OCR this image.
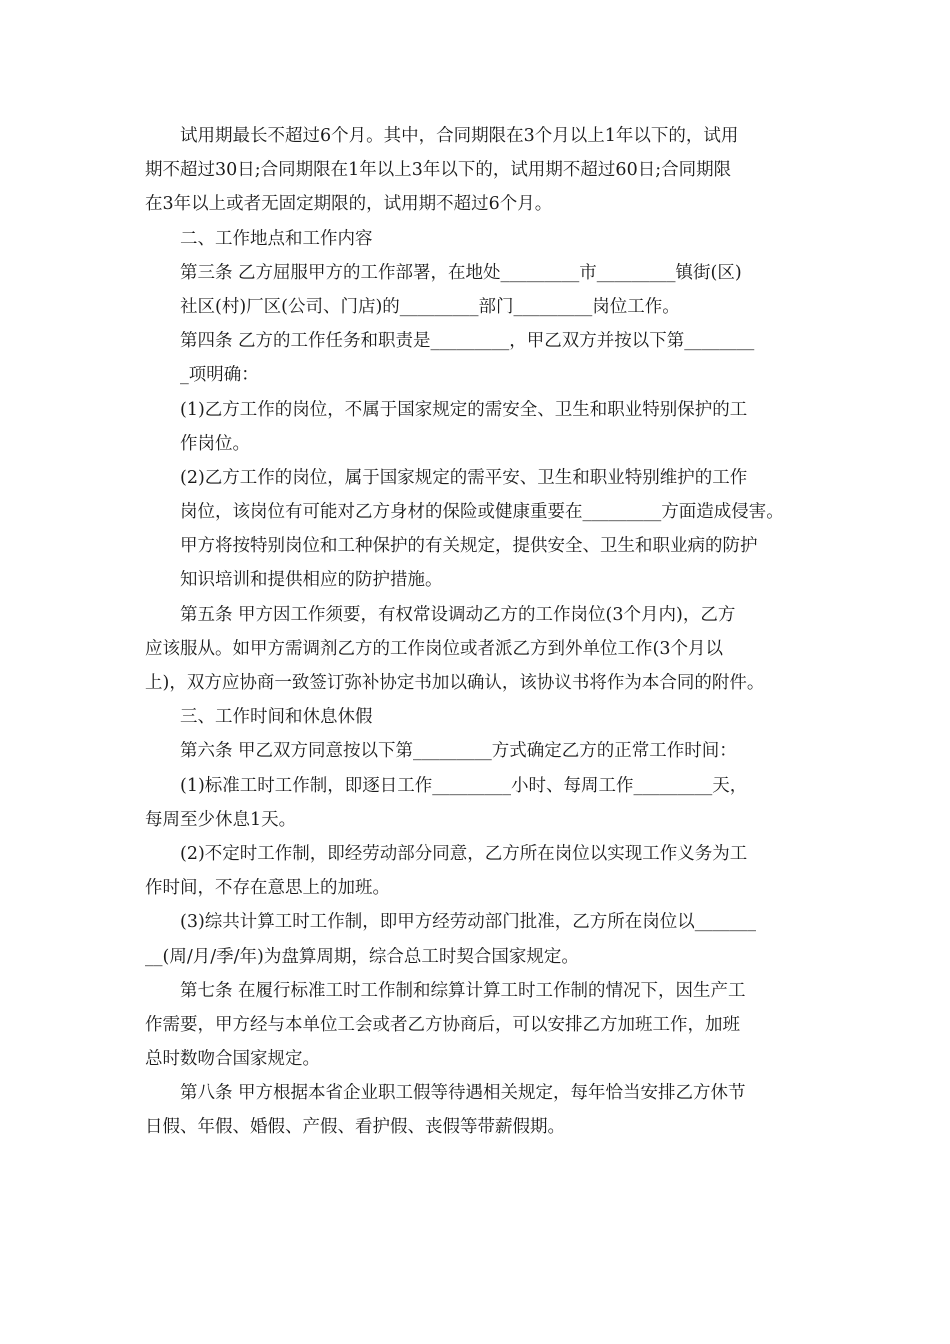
　　试用期最长不超过6个月。其中，合同期限在3个月以上1年以下的，试用
期不超过30日;合同期限在1年以上3年以下的，试用期不超过60日;合同期限
在3年以上或者无固定期限的，试用期不超过6个月。
　　二、工作地点和工作内容
　　第三条 乙方屈服甲方的工作部署，在地处_________市_________镇街(区)
　　社区(村)厂区(公司、门店)的_________部门_________岗位工作。
　　第四条 乙方的工作任务和职责是_________，甲乙双方并按以下第________
　　_项明确：
　　(1)乙方工作的岗位，不属于国家规定的需安全、卫生和职业特别保护的工
　　作岗位。
　　(2)乙方工作的岗位，属于国家规定的需平安、卫生和职业特别维护的工作
　　岗位，该岗位有可能对乙方身材的保险或健康重要在_________方面造成侵害。
　　甲方将按特别岗位和工种保护的有关规定，提供安全、卫生和职业病的防护
　　知识培训和提供相应的防护措施。
　　第五条 甲方因工作须要，有权常设调动乙方的工作岗位(3个月内)，乙方
应该服从。如甲方需调剂乙方的工作岗位或者派乙方到外单位工作(3个月以
上)，双方应协商一致签订弥补协定书加以确认，该协议书将作为本合同的附件。
　　三、工作时间和休息休假
　　第六条 甲乙双方同意按以下第_________方式确定乙方的正常工作时间：
　　(1)标准工时工作制，即逐日工作_________小时、每周工作_________天，
每周至少休息1天。
　　(2)不定时工作制，即经劳动部分同意，乙方所在岗位以实现工作义务为工
作时间，不存在意思上的加班。
　　(3)综共计算工时工作制，即甲方经劳动部门批准，乙方所在岗位以_______
__(周/月/季/年)为盘算周期，综合总工时契合国家规定。
　　第七条 在履行标准工时工作制和综算计算工时工作制的情况下，因生产工
作需要，甲方经与本单位工会或者乙方协商后，可以安排乙方加班工作，加班
总时数吻合国家规定。
　　第八条 甲方根据本省企业职工假等待遇相关规定，每年恰当安排乙方休节
日假、年假、婚假、产假、看护假、丧假等带薪假期。
